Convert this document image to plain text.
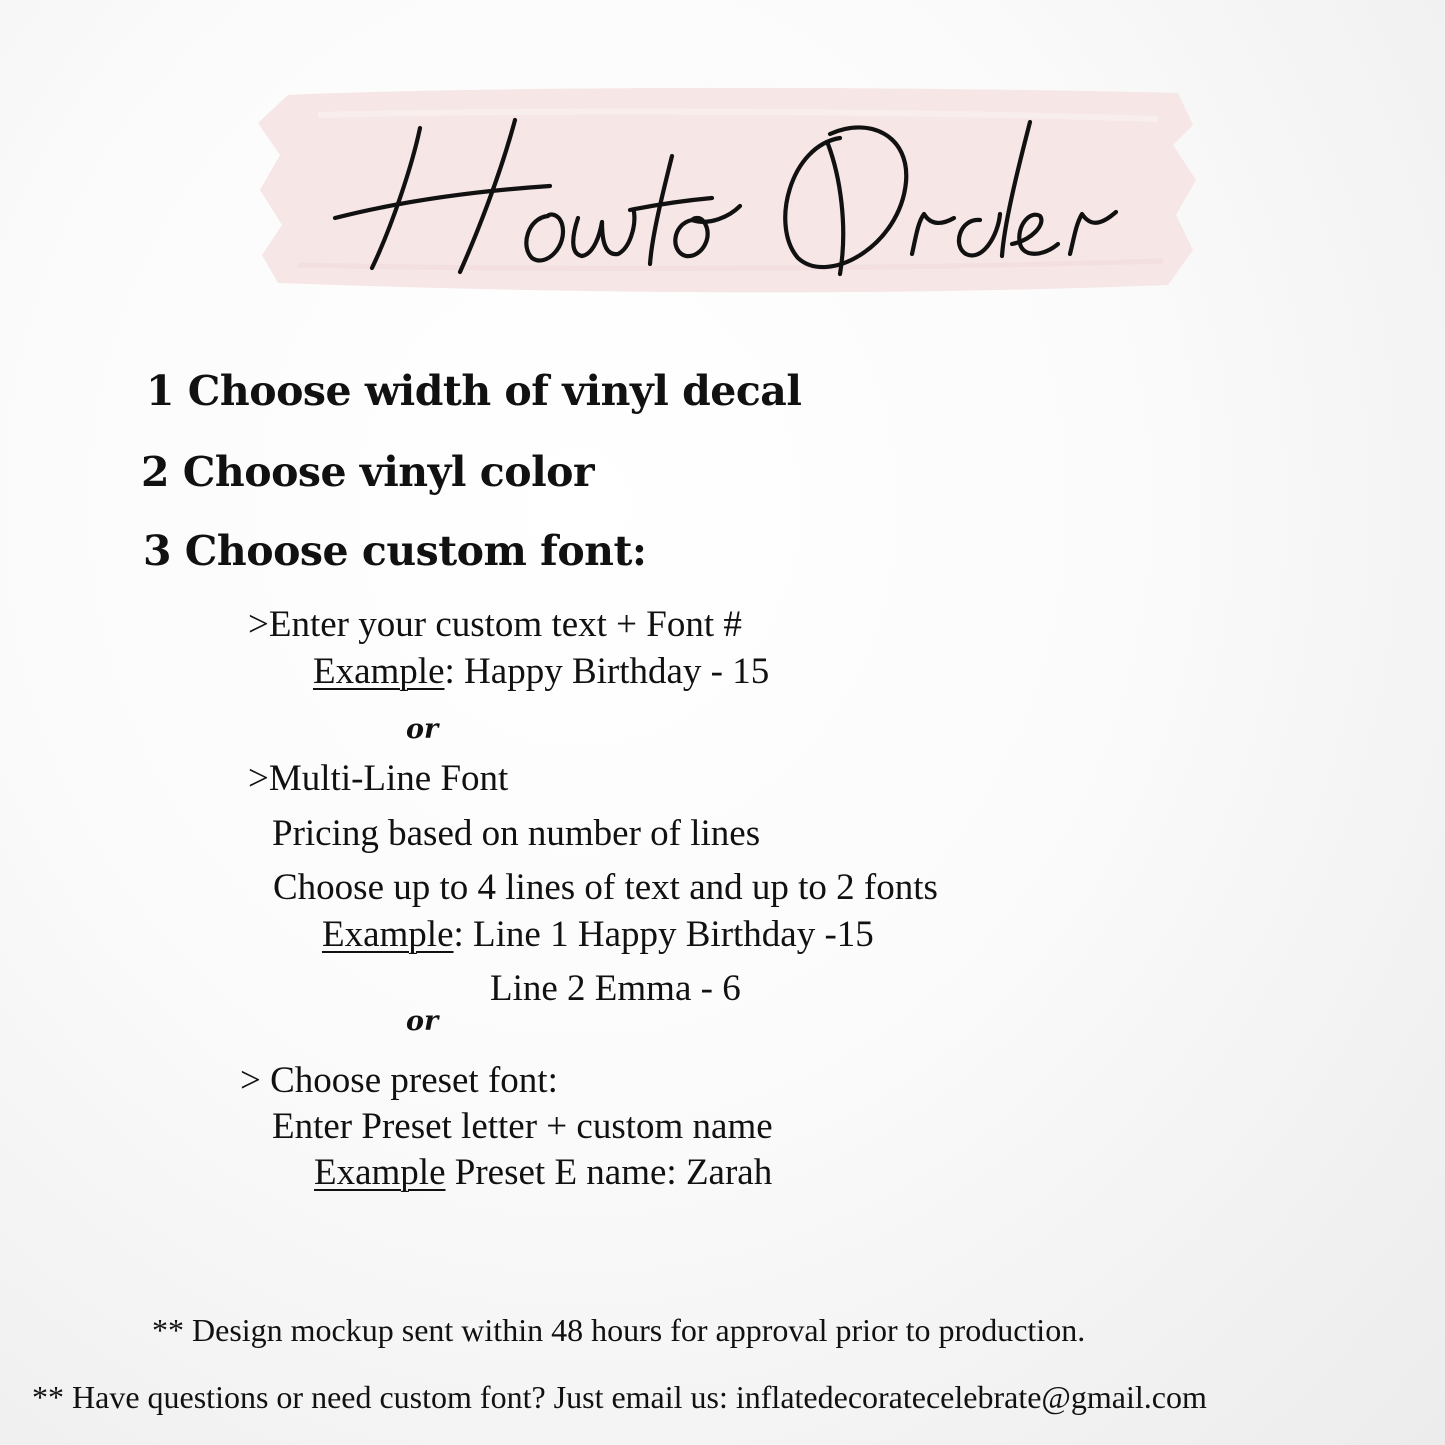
1 Choose width of vinyl decal
2 Choose vinyl color
3 Choose custom font:
>Enter your custom text + Font #
Example: Happy Birthday - 15
or
>Multi-Line Font
Pricing based on number of lines
Choose up to 4 lines of text and up to 2 fonts
Example: Line 1 Happy Birthday -15
Line 2 Emma - 6
or
> Choose preset font:
Enter Preset letter + custom name
Example Preset E name: Zarah
** Design mockup sent within 48 hours for approval prior to production.
** Have questions or need custom font? Just email us: inflatedecoratecelebrate@gmail.com
